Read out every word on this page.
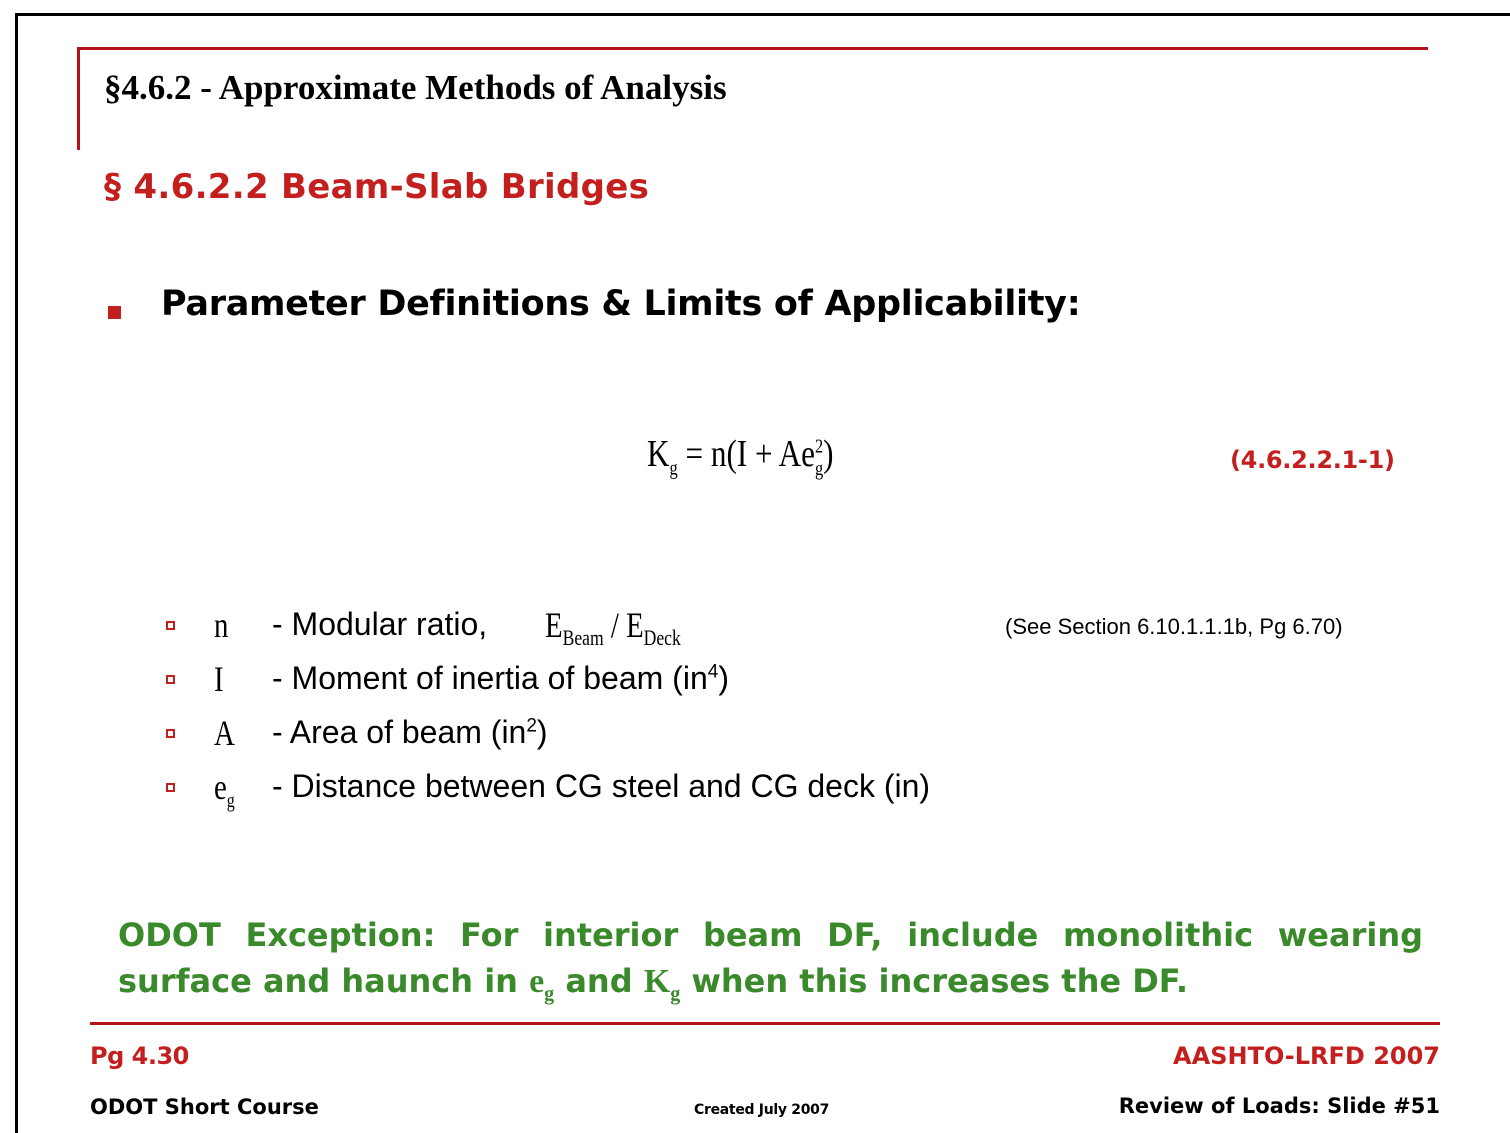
§4.6.2 - Approximate Methods of Analysis
§ 4.6.2.2 Beam-Slab Bridges
Parameter Definitions & Limits of Applicability:
$K_g = n(I + Ae^2_g)$	(4.6.2.2.1-1)
n - Modular ratio, $E_{Beam} / E_{Deck}$	(See Section 6.10.1.1.1b, Pg 6.70)
I - Moment of inertia of beam $(in^4)$
A - Area of beam $(in^2)$
$e_g$ - Distance between CG steel and CG deck (in)
ODOT Exception: For interior beam DF, include monolithic wearing surface and haunch in $e_g$ and $K_g$ when this increases the DF.
Pg 4.30	AASHTO-LRFD 2007
ODOT Short Course	Created July 2007	Review of Loads: Slide #51
